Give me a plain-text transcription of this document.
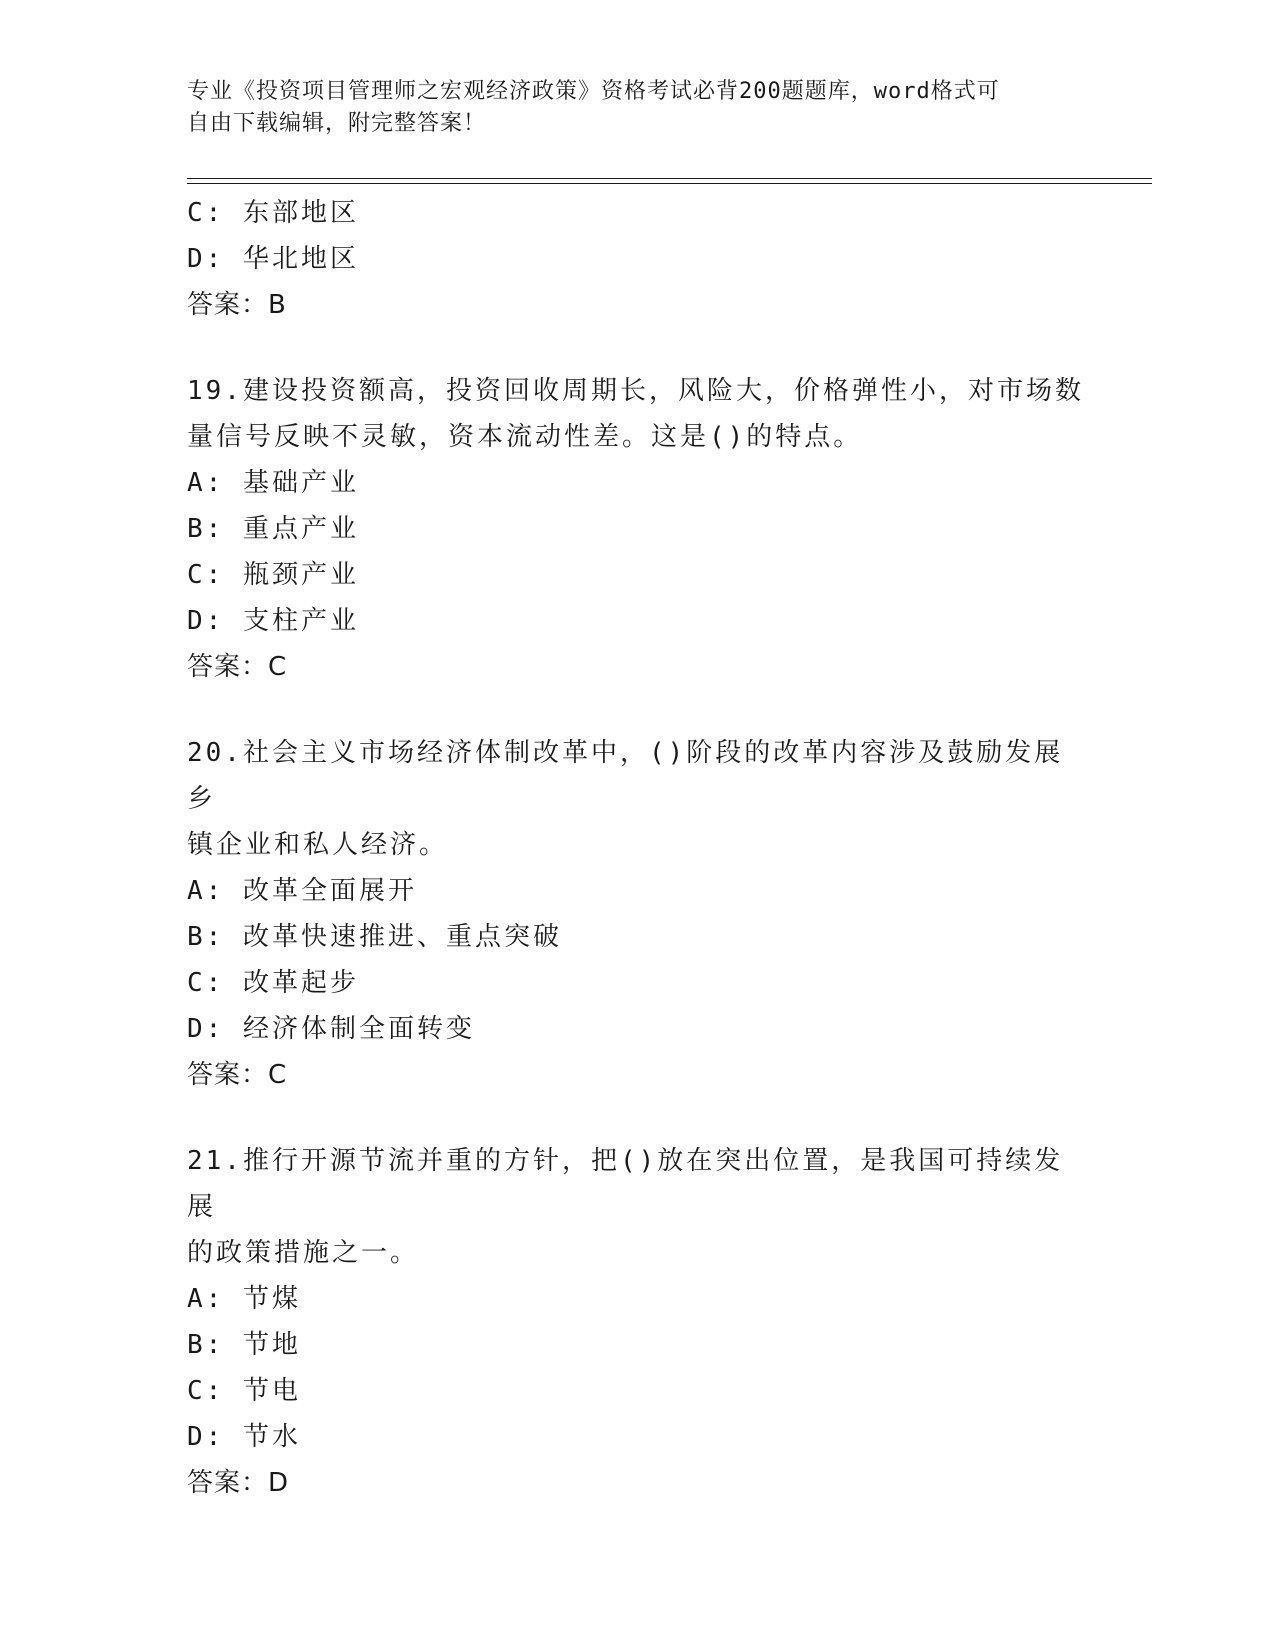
专业《投资项目管理师之宏观经济政策》资格考试必背200题题库，word格式可
自由下载编辑，附完整答案！
C: 东部地区
D: 华北地区
答案：B
19.建设投资额高，投资回收周期长，风险大，价格弹性小，对市场数
量信号反映不灵敏，资本流动性差。这是()的特点。
A: 基础产业
B: 重点产业
C: 瓶颈产业
D: 支柱产业
答案：C
20.社会主义市场经济体制改革中，()阶段的改革内容涉及鼓励发展乡
镇企业和私人经济。
A: 改革全面展开
B: 改革快速推进、重点突破
C: 改革起步
D: 经济体制全面转变
答案：C
21.推行开源节流并重的方针，把()放在突出位置，是我国可持续发展
的政策措施之一。
A: 节煤
B: 节地
C: 节电
D: 节水
答案：D
